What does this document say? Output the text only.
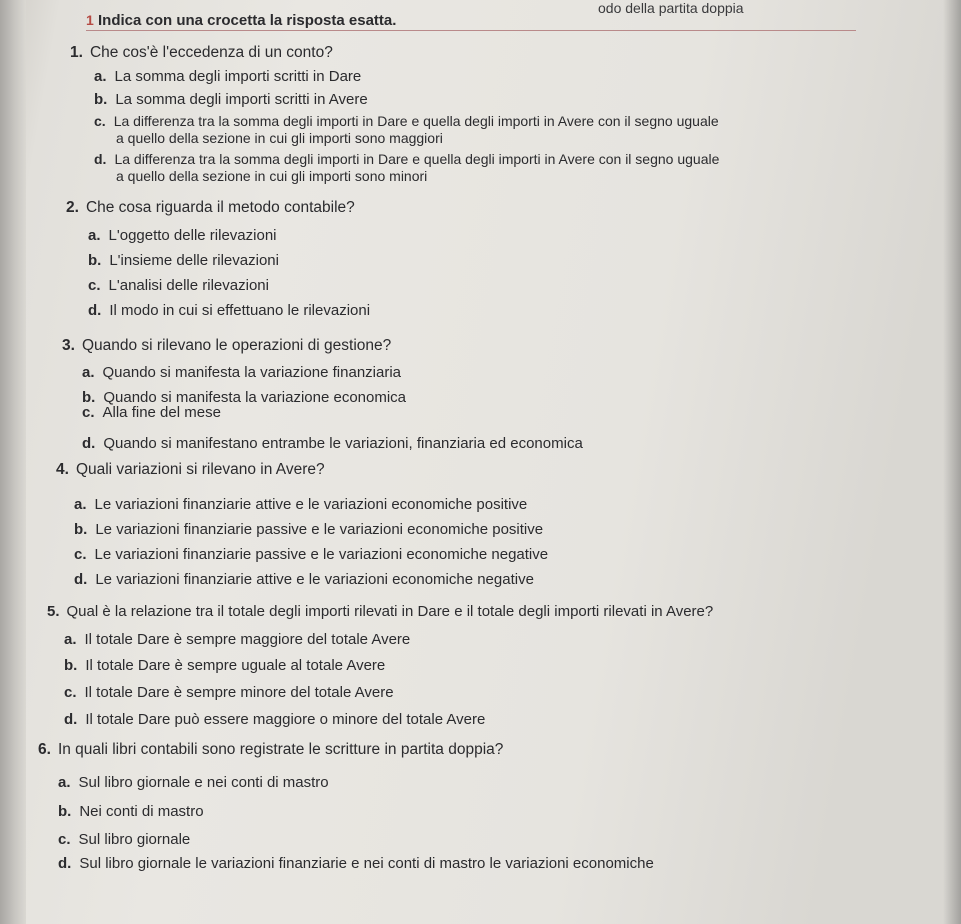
odo della partita doppia
1 Indica con una crocetta la risposta esatta.
1. Che cos'è l'eccedenza di un conto?
a. La somma degli importi scritti in Dare
b. La somma degli importi scritti in Avere
c. La differenza tra la somma degli importi in Dare e quella degli importi in Avere con il segno uguale
a quello della sezione in cui gli importi sono maggiori
d. La differenza tra la somma degli importi in Dare e quella degli importi in Avere con il segno uguale
a quello della sezione in cui gli importi sono minori
2. Che cosa riguarda il metodo contabile?
a. L'oggetto delle rilevazioni
b. L'insieme delle rilevazioni
c. L'analisi delle rilevazioni
d. Il modo in cui si effettuano le rilevazioni
3. Quando si rilevano le operazioni di gestione?
a. Quando si manifesta la variazione finanziaria
b. Quando si manifesta la variazione economica
c. Alla fine del mese
d. Quando si manifestano entrambe le variazioni, finanziaria ed economica
4. Quali variazioni si rilevano in Avere?
a. Le variazioni finanziarie attive e le variazioni economiche positive
b. Le variazioni finanziarie passive e le variazioni economiche positive
c. Le variazioni finanziarie passive e le variazioni economiche negative
d. Le variazioni finanziarie attive e le variazioni economiche negative
5. Qual è la relazione tra il totale degli importi rilevati in Dare e il totale degli importi rilevati in Avere?
a. Il totale Dare è sempre maggiore del totale Avere
b. Il totale Dare è sempre uguale al totale Avere
c. Il totale Dare è sempre minore del totale Avere
d. Il totale Dare può essere maggiore o minore del totale Avere
6. In quali libri contabili sono registrate le scritture in partita doppia?
a. Sul libro giornale e nei conti di mastro
b. Nei conti di mastro
c. Sul libro giornale
d. Sul libro giornale le variazioni finanziarie e nei conti di mastro le variazioni economiche
